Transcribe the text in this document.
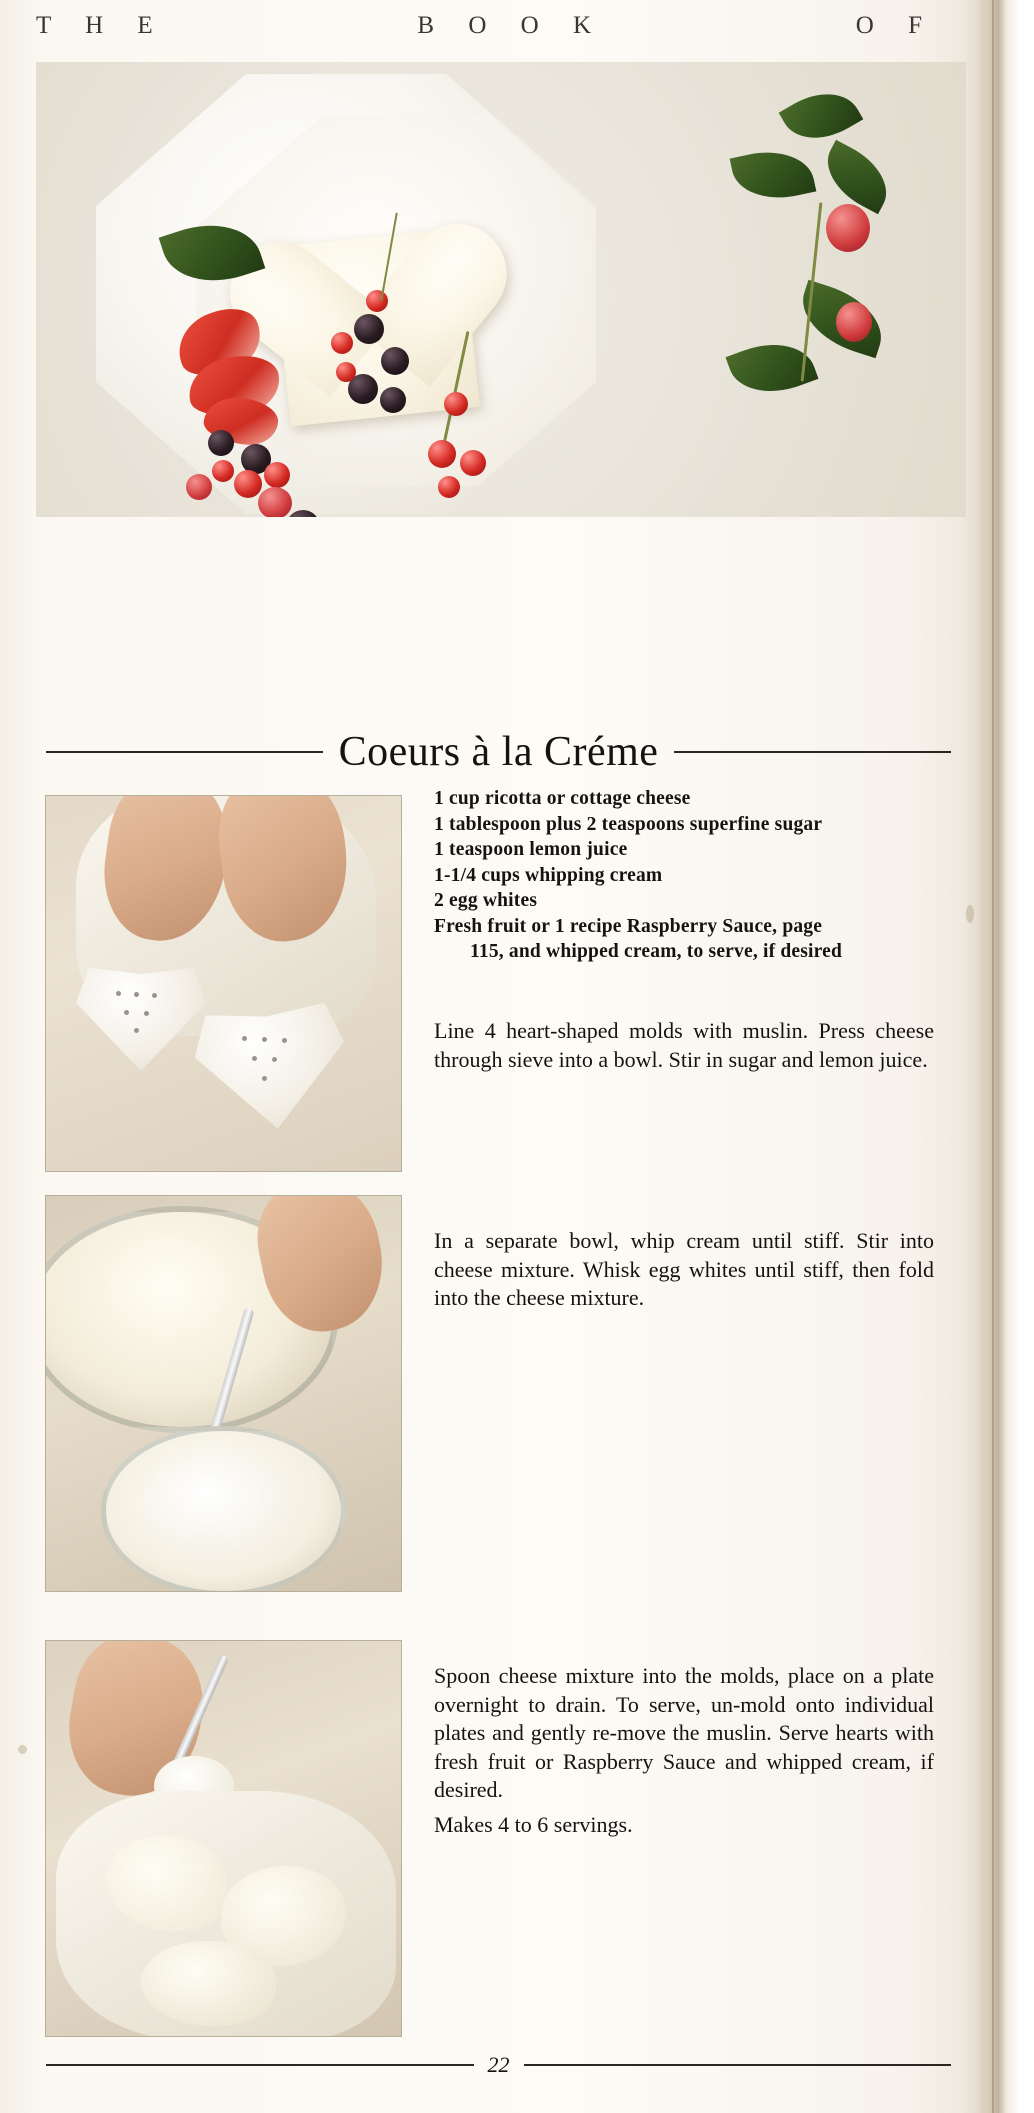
T H E	B O O K	O F
Coeurs à la Créme
1 cup ricotta or cottage cheese
1 tablespoon plus 2 teaspoons superfine sugar
1 teaspoon lemon juice
1-1/4 cups whipping cream
2 egg whites
Fresh fruit or 1 recipe Raspberry Sauce, page
115, and whipped cream, to serve, if desired

Line 4 heart-shaped molds with muslin. Press cheese through sieve into a bowl. Stir in sugar and lemon juice.

In a separate bowl, whip cream until stiff. Stir into cheese mixture. Whisk egg whites until stiff, then fold into the cheese mixture.

Spoon cheese mixture into the molds, place on a plate overnight to drain. To serve, un-mold onto individual plates and gently re-move the muslin. Serve hearts with fresh fruit or Raspberry Sauce and whipped cream, if desired.

Makes 4 to 6 servings.

22
